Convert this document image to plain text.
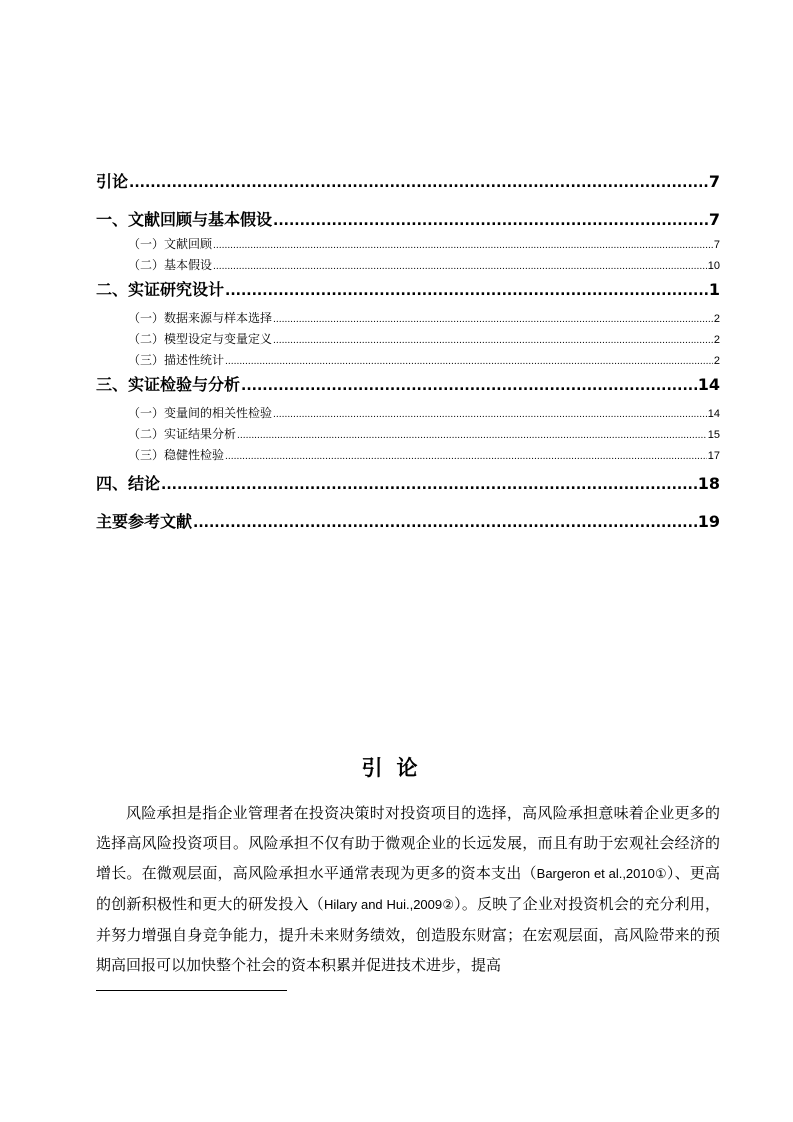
引论 .....	7
一、文献回顾与基本假设 .....	7
（一）文献回顾 .....	7
（二）基本假设 .....	10
二、实证研究设计 .....	1
（一）数据来源与样本选择 .....	2
（二）模型设定与变量定义 .....	2
（三）描述性统计 .....	2
三、实证检验与分析 .....	14
（一）变量间的相关性检验 .....	14
（二）实证结果分析 .....	15
（三）稳健性检验 .....	17
四、结论 .....	18
主要参考文献 .....	19
引论

风险承担是指企业管理者在投资决策时对投资项目的选择，高风险承担意味着企业更多的选择高风险投资项目。风险承担不仅有助于微观企业的长远发展，而且有助于宏观社会经济的增长。在微观层面，高风险承担水平通常表现为更多的资本支出（Bargeron et al.,2010①）、更高的创新积极性和更大的研发投入（Hilary and Hui.,2009②）。反映了企业对投资机会的充分利用，并努力增强自身竞争能力，提升未来财务绩效，创造股东财富；在宏观层面，高风险带来的预期高回报可以加快整个社会的资本积累并促进技术进步，提高
